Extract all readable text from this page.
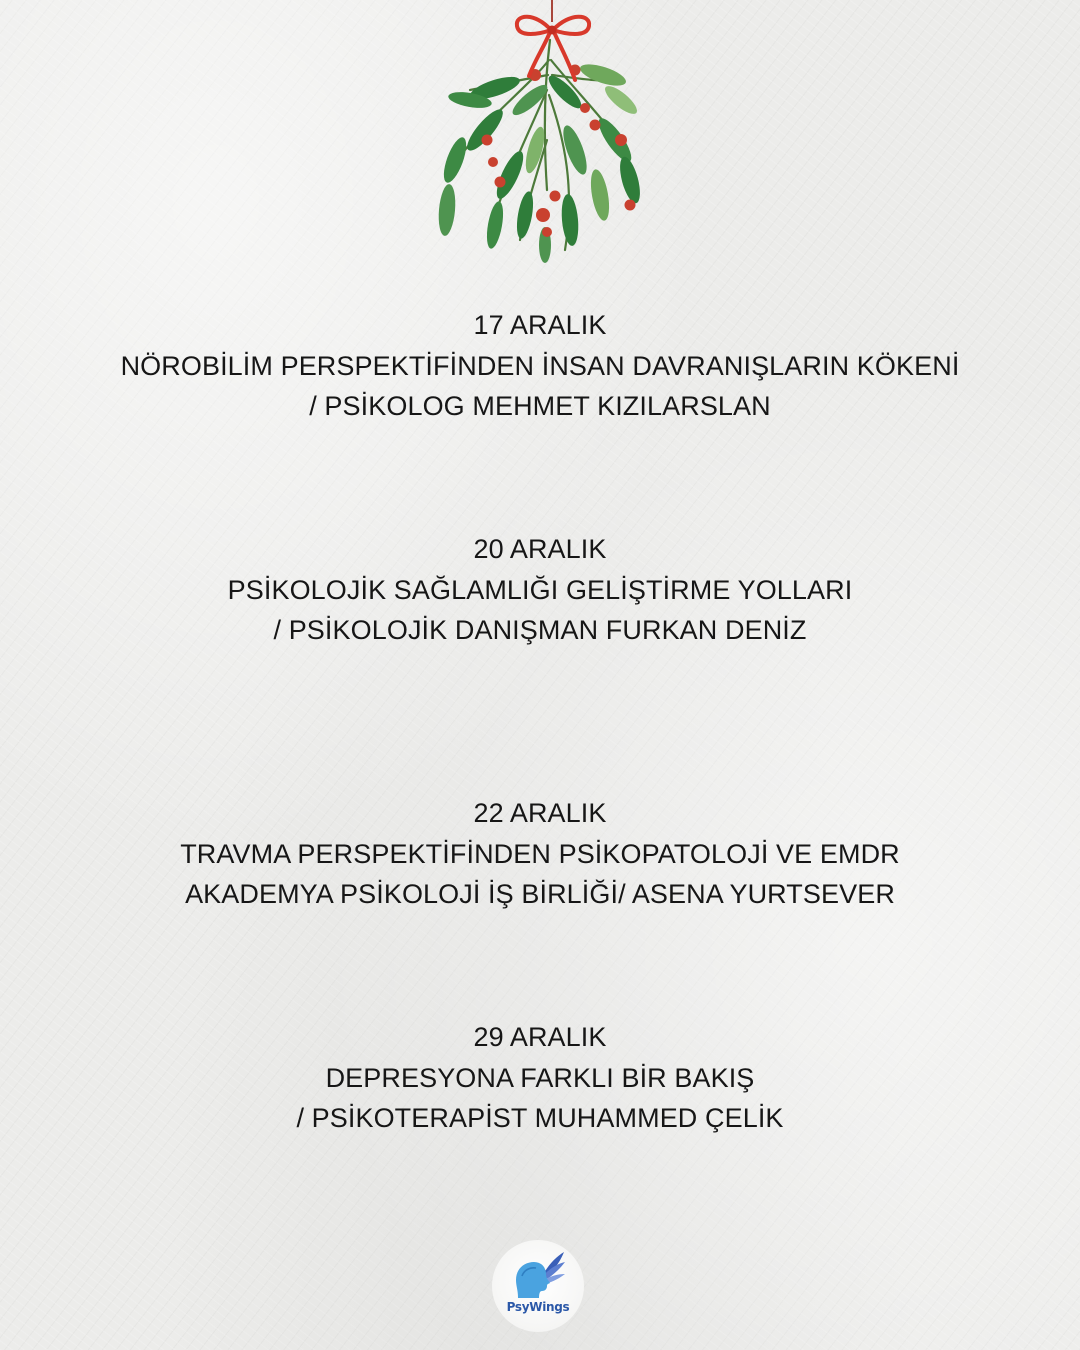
17 ARALIK
NÖROBİLİM PERSPEKTİFİNDEN İNSAN DAVRANIŞLARIN KÖKENİ
/ PSİKOLOG MEHMET KIZILARSLAN
20 ARALIK
PSİKOLOJİK SAĞLAMLIĞI GELİŞTİRME YOLLARI
/ PSİKOLOJİK DANIŞMAN FURKAN DENİZ
22 ARALIK
TRAVMA PERSPEKTİFİNDEN PSİKOPATOLOJİ VE EMDR
AKADEMYA PSİKOLOJİ İŞ BİRLİĞİ/ ASENA YURTSEVER
29 ARALIK
DEPRESYONA FARKLI BİR BAKIŞ
/ PSİKOTERAPİST MUHAMMED ÇELİK
PsyWings
